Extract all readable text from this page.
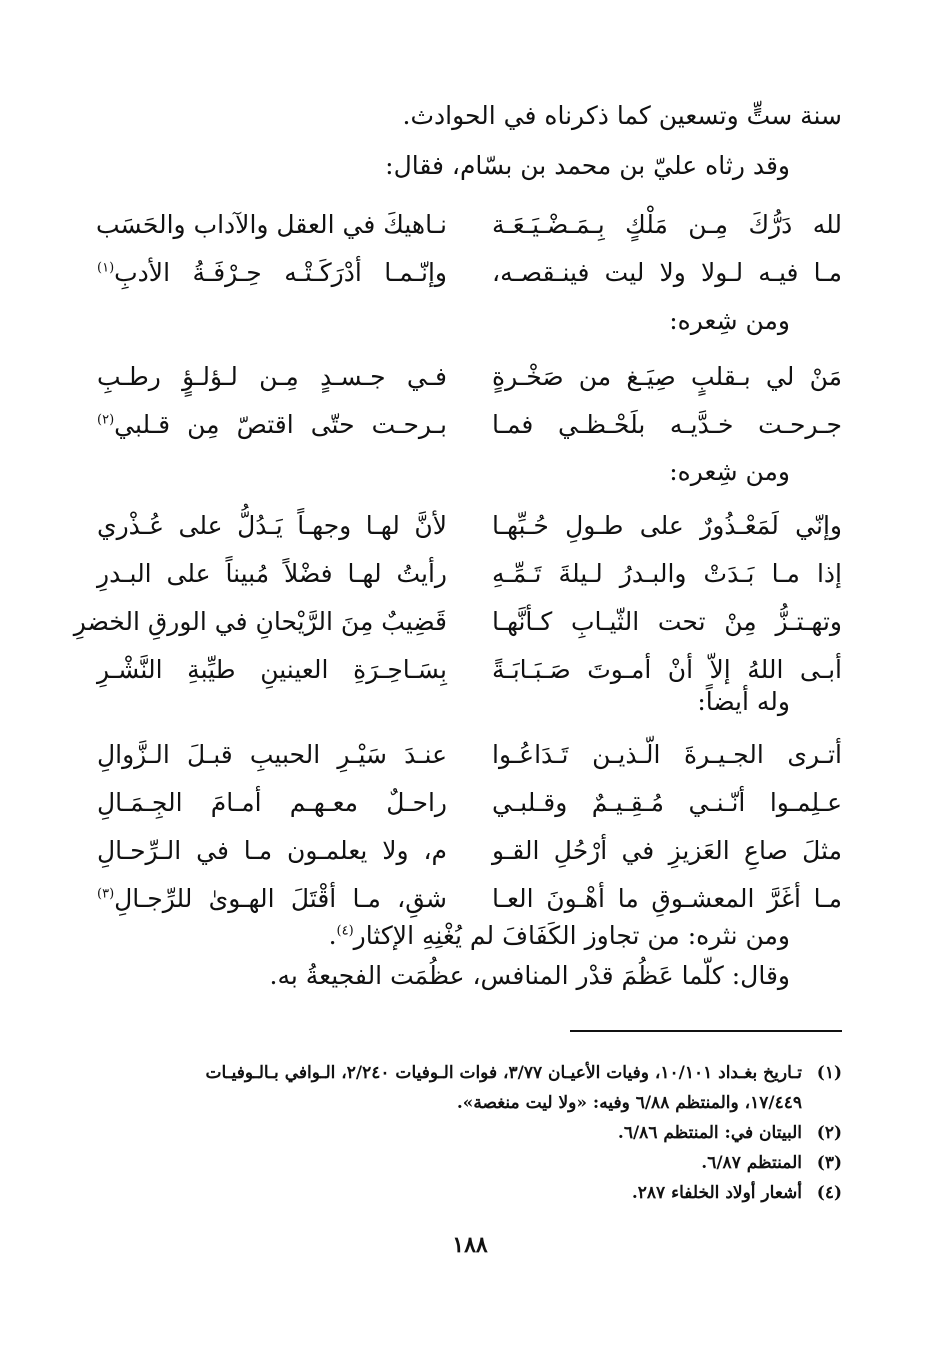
سنة ستٍّ وتسعين كما ذكرناه في الحوادث.
وقد رثاه عليّ بن محمد بن بسّام، فقال:
لله دَرُّكَ مِـن مَلْكٍ بِـمَـضْـيَـعَـة
نـاهيكَ في العقل والآداب والحَسَب
مـا فيـه لـولا ولا ليت فينـقصـه،
وإنّـمـا أدْرَكَـتْـه حِـرْفَـةُ الأدبِ$^{(١)}$
ومن شِعره:
مَنْ لي بـقلبٍ صِيَـغ من صَخْـرةٍ
فـي جـسـدٍ مِـن لـؤلـؤٍ رطـبِ
جـرحـت خـدَّيـه بلَحْـظـي فمـا
بـرحـت حتّى اقتصّ مِن قـلبي$^{(٢)}$
ومن شِعره:
وإنّي لَمَعْـذُورٌ على طـولِ حُـبِّهـا
لأنَّ لهـا وجهـاً يَـدُلُّ على عُـذْري
إذا مـا بَـدَتْ والبـدرُ لـيلةَ تَـمِّـهِ
رأيتُ لهـا فضْلاً مُبيناً على البـدرِ
وتهـتـزُّ مِنْ تحت الثّيـابِ كـأنَّهـا
قَضِيبٌ مِنَ الرَّيْحانِ في الورقِ الخضرِ
أبـى اللهُ إلاّ أنْ أمـوتَ صَـبَـابَـةً
بِسَـاحِـرَةِ العينينِ طيِّبةِ النَّشْـرِ
وله أيضاً:
أتـرى الجـيـرةَ الّـذيـن تَـدَاعُـوا
عنـدَ سَيْـرِ الحبيبِ قبـلَ الـزَّوالِ
عـلِمـوا أنّـنـي مُـقِـيـمٌ وقـلبـي
راحـلٌ معـهـم أمـامَ الجِـمَـالِ
مثلَ صاعِ العَزيزِ في أرْحُلِ القـو
م، ولا يعلمـون مـا في الـرِّحـالِ
مـا أغَرَّ المعشـوقِ ما أهْـونَ العـا
شقِ، مـا أقْتَلَ الهـوىٰ للرِّجـالِ$^{(٣)}$
ومن نثره: من تجاوز الكَفَافَ لم يُغْنِهِ الإكثار$^{(٤)}$.
وقال: كلّما عَظُمَ قدْر المنافس، عظُمَت الفجيعةُ به.
(١)
تـاريخ بغـداد ١٠/١٠١، وفيات الأعيـان ٣/٧٧، فوات الـوفيات ٢/٢٤٠، الـوافي بـالـوفيـات
١٧/٤٤٩، والمنتظم ٦/٨٨ وفيه: «ولا ليت منغصة».
(٢)
البيتان في: المنتظم ٦/٨٦.
(٣)
المنتظم ٦/٨٧.
(٤)
أشعار أولاد الخلفاء ٢٨٧.
١٨٨
